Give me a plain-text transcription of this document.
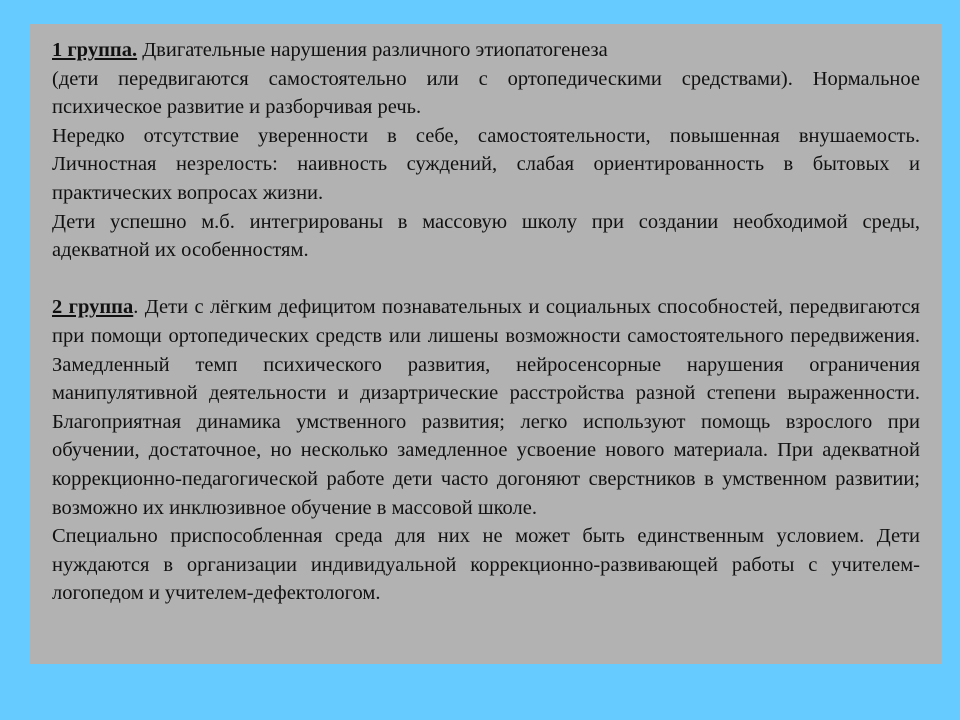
1 группа. Двигательные нарушения различного этиопатогенеза

(дети передвигаются самостоятельно или с ортопедическими средствами). Нормальное психическое развитие и разборчивая речь.

Нередко отсутствие уверенности в себе, самостоятельности, повышенная внушаемость. Личностная незрелость: наивность суждений, слабая ориентированность в бытовых и практических вопросах жизни.

Дети успешно м.б. интегрированы в массовую школу при создании необходимой среды, адекватной их особенностям.

2 группа. Дети с лёгким дефицитом познавательных и социальных способностей, передвигаются при помощи ортопедических средств или лишены возможности самостоятельного передвижения. Замедленный темп психического развития, нейросенсорные нарушения ограничения манипулятивной деятельности и дизартрические расстройства разной степени выраженности. Благоприятная динамика умственного развития; легко используют помощь взрослого при обучении, достаточное, но несколько замедленное усвоение нового материала. При адекватной коррекционно-педагогической работе дети часто догоняют сверстников в умственном развитии; возможно их инклюзивное обучение в массовой школе.

Специально приспособленная среда для них не может быть единственным условием. Дети нуждаются в организации индивидуальной коррекционно-развивающей работы с учителем-логопедом и учителем-дефектологом.
